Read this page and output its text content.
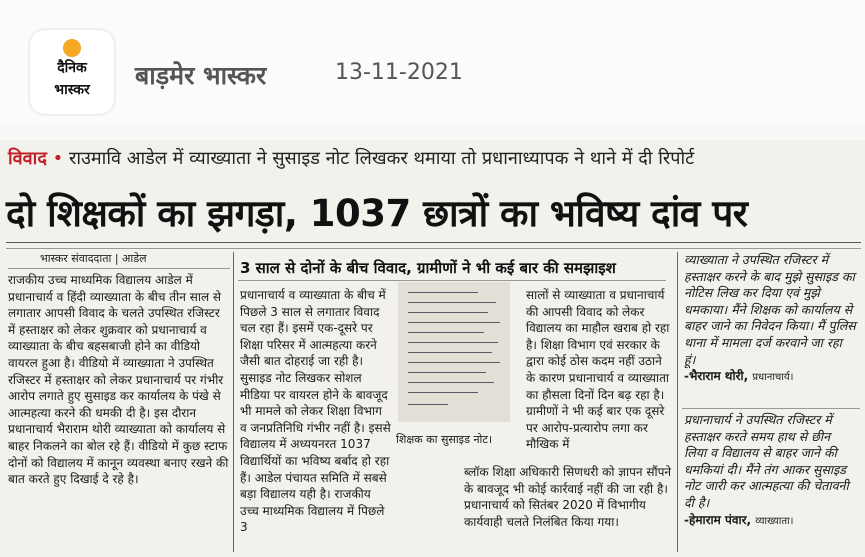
दैनिक
भास्कर	बाड़मेर भास्कर	13-11-2021
विवाद • राउमावि आडेल में व्याख्याता ने सुसाइड नोट लिखकर थमाया तो प्रधानाध्यापक ने थाने में दी रिपोर्ट
दो शिक्षकों का झगड़ा, 1037 छात्रों का भविष्य दांव पर
भास्कर संवाददाता | आडेल
3 साल से दोनों के बीच विवाद, ग्रामीणों ने भी कई बार की समझाइश

राजकीय उच्च माध्यमिक विद्यालय आडेल में प्रधानाचार्य व हिंदी व्याख्याता के बीच तीन साल से लगातार आपसी विवाद के चलते उपस्थित रजिस्टर में हस्ताक्षर को लेकर शुक्रवार को प्रधानाचार्य व व्याख्याता के बीच बहसबाजी होने का वीडियो वायरल हुआ है। वीडियो में व्याख्याता ने उपस्थित रजिस्टर में हस्ताक्षर को लेकर प्रधानाचार्य पर गंभीर आरोप लगाते हुए सुसाइड कर कार्यालय के पंखे से आत्महत्या करने की धमकी दी है। इस दौरान प्रधानाचार्य भैराराम थोरी व्याख्याता को कार्यालय से बाहर निकलने का बोल रहे हैं। वीडियो में कुछ स्टाफ दोनों को विद्यालय में कानून व्यवस्था बनाए रखने की बात करते हुए दिखाई दे रहे है।

प्रधानाचार्य व व्याख्याता के बीच में पिछले 3 साल से लगातार विवाद चल रहा हैं। इसमें एक-दूसरे पर शिक्षा परिसर में आत्महत्या करने जैसी बात दोहराई जा रही है। सुसाइड नोट लिखकर सोशल मीडिया पर वायरल होने के बावजूद भी मामले को लेकर शिक्षा विभाग व जनप्रतिनिधि गंभीर नहीं है। इससे विद्यालय में अध्ययनरत 1037 विद्यार्थियों का भविष्य बर्बाद हो रहा हैं। आडेल पंचायत समिति में सबसे बड़ा विद्यालय यही है। राजकीय उच्च माध्यमिक विद्यालय में पिछले 3

शिक्षक का सुसाइड नोट।

सालों से व्याख्याता व प्रधानाचार्य की आपसी विवाद को लेकर विद्यालय का माहौल खराब हो रहा है। शिक्षा विभाग एवं सरकार के द्वारा कोई ठोस कदम नहीं उठाने के कारण प्रधानाचार्य व व्याख्याता का हौसला दिनों दिन बढ़ रहा है। ग्रामीणों ने भी कई बार एक दूसरे पर आरोप-प्रत्यारोप लगा कर मौखिक में

ब्लॉक शिक्षा अधिकारी सिणधरी को ज्ञापन सौंपने के बावजूद भी कोई कार्रवाई नहीं की जा रही है। प्रधानाचार्य को सितंबर 2020 में विभागीय कार्यवाही चलते निलंबित किया गया।

व्याख्याता ने उपस्थित रजिस्टर में हस्ताक्षर करने के बाद मुझे सुसाइड का नोटिस लिख कर दिया एवं मुझे धमकाया। मैंने शिक्षक को कार्यालय से बाहर जाने का निवेदन किया। मैं पुलिस थाना में मामला दर्ज करवाने जा रहा हूं।
-भैराराम थोरी, प्रधानाचार्य।
प्रधानाचार्य ने उपस्थित रजिस्टर में हस्ताक्षर करते समय हाथ से छीन लिया व विद्यालय से बाहर जाने की धमकियां दी। मैंने तंग आकर सुसाइड नोट जारी कर आत्महत्या की चेतावनी दी है।
-हेमाराम पंवार, व्याख्याता।
